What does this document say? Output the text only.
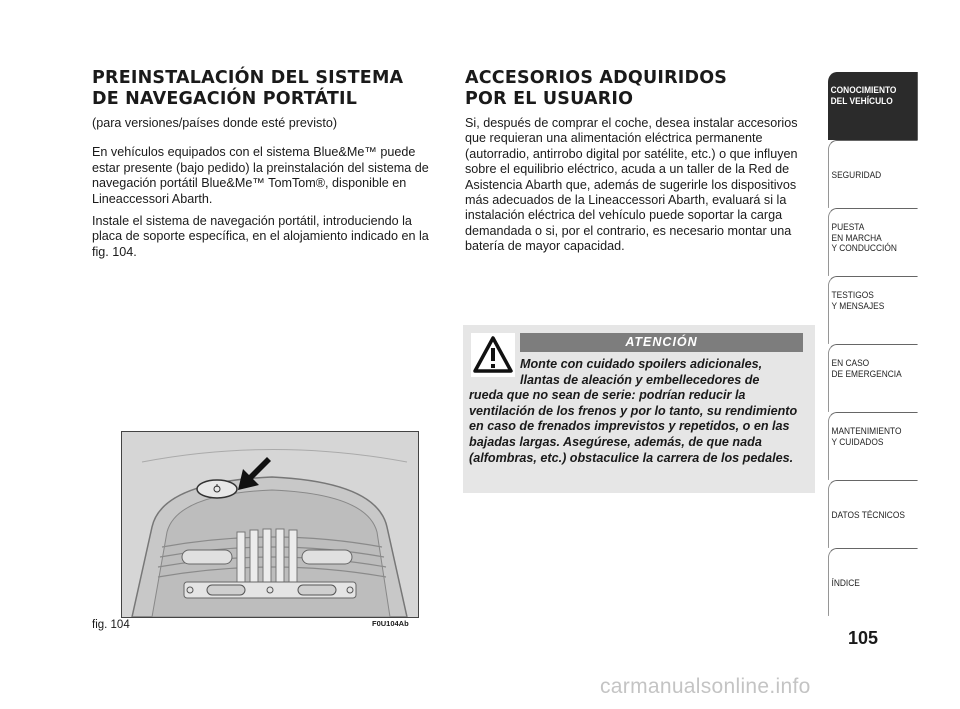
PREINSTALACIÓN DEL SISTEMA
DE NAVEGACIÓN PORTÁTIL

(para versiones/países donde esté previsto)

En vehículos equipados con el sistema Blue&Me™ puede estar presente (bajo pedido) la preinstalación del sistema de navegación portátil Blue&Me™ TomTom®, disponible en Lineaccessori Abarth.

Instale el sistema de navegación portátil, introduciendo la placa de soporte específica, en el alojamiento indicado en la fig. 104.

ACCESORIOS ADQUIRIDOS
POR EL USUARIO

Si, después de comprar el coche, desea instalar accesorios que requieran una alimentación eléctrica permanente (autorradio, antirrobo digital por satélite, etc.) o que influyen sobre el equilibrio eléctrico, acuda a un taller de la Red de Asistencia Abarth que, además de sugerirle los dispositivos más adecuados de la Lineaccessori Abarth, evaluará si la instalación eléctrica del vehículo puede soportar la carga demandada o si, por el contrario, es necesario montar una batería de mayor capacidad.

ATENCIÓN
Monte con cuidado spoilers adicionales,
llantas de aleación y embellecedores de
rueda que no sean de serie: podrían reducir la ventilación de los frenos y por lo tanto, su rendimiento en caso de frenados imprevistos y repetidos, o en las bajadas largas. Asegúrese, además, de que nada (alfombras, etc.) obstaculice la carrera de los pedales.
fig. 104	F0U104Ab
CONOCIMIENTO
DEL VEHÍCULO
SEGURIDAD
PUESTA
EN MARCHA
Y CONDUCCIÓN
TESTIGOS
Y MENSAJES
EN CASO
DE EMERGENCIA
MANTENIMIENTO
Y CUIDADOS
DATOS TÉCNICOS
ÍNDICE
105
carmanualsonline.info
